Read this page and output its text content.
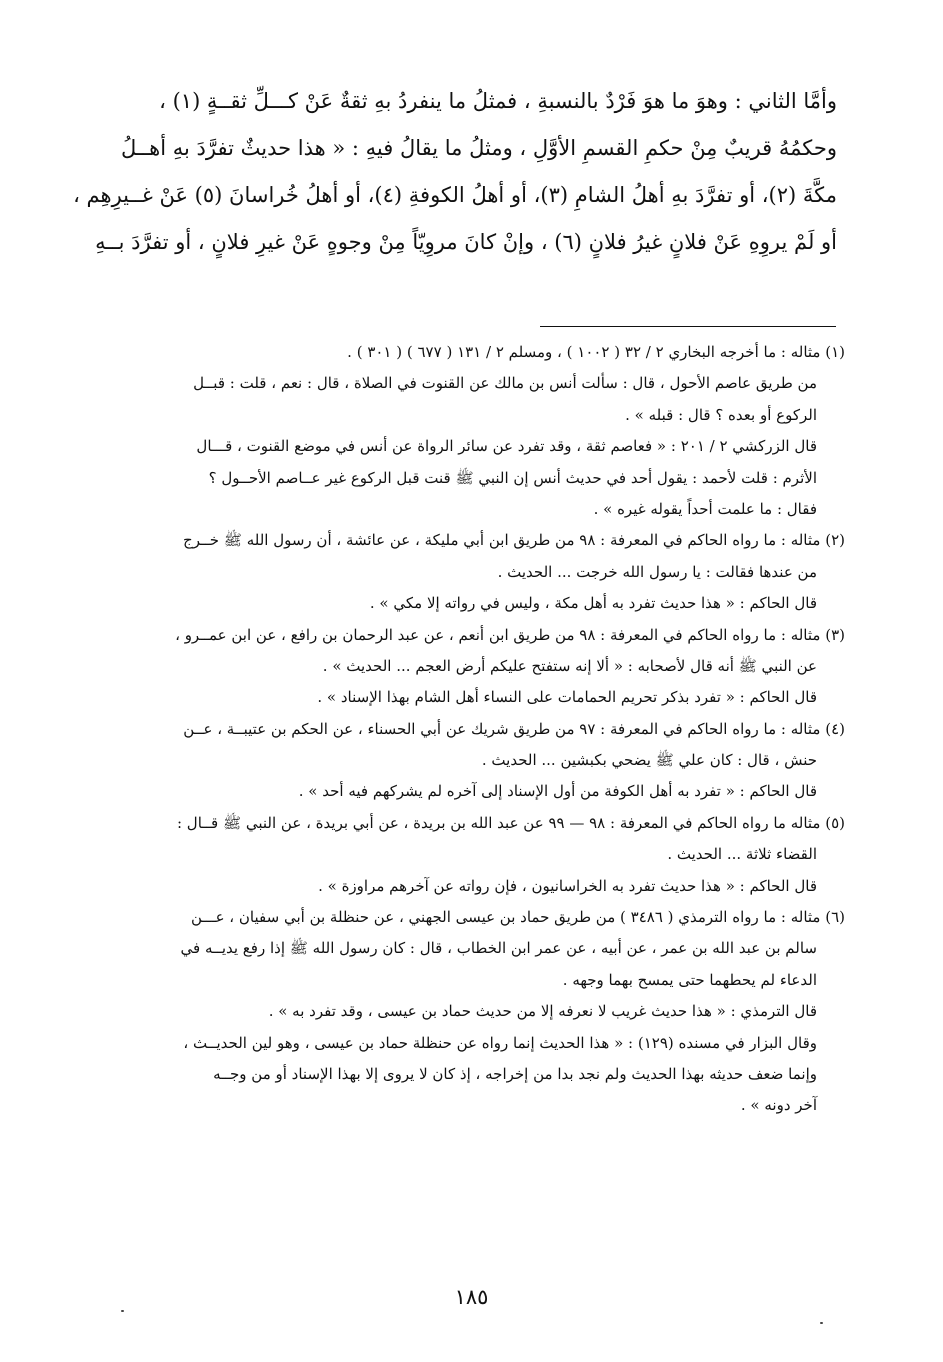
وأمَّا الثاني : وهوَ ما هوَ فَرْدٌ بالنسبةِ ، فمثلُ ما ينفردُ بهِ ثقةٌ عَنْ كـــلِّ ثقــةٍ (١) ،
وحكمُهُ قريبٌ مِنْ حكمِ القسمِ الأوَّلِ ، ومثلُ ما يقالُ فيهِ : « هذا حديثٌ تفرَّدَ بهِ أهــلُ
مكَّةَ (٢)، أو تفرَّدَ بهِ أهلُ الشامِ (٣)، أو أهلُ الكوفةِ (٤)، أو أهلُ خُراسانَ (٥) عَنْ غــيرِهِم ،
أو لَمْ يروِهِ عَنْ فلانٍ غيرُ فلانٍ (٦) ، وإنْ كانَ مروِيّاً مِنْ وجوهٍ عَنْ غيرِ فلانٍ ، أو تفرَّدَ بــهِ
(١) مثاله : ما أخرجه البخاري ٢ / ٣٢ ( ١٠٠٢ ) ، ومسلم ٢ / ١٣١ ( ٦٧٧ ) ( ٣٠١ ) .
من طريق عاصم الأحول ، قال : سألت أنس بن مالك عن القنوت في الصلاة ، قال : نعم ، قلت : قبــل
الركوع أو بعده ؟ قال : قبله » .
قال الزركشي ٢ / ٢٠١ : « فعاصم ثقة ، وقد تفرد عن سائر الرواة عن أنس في موضع القنوت ، قـــال
الأثرم : قلت لأحمد : يقول أحد في حديث أنس إن النبي ﷺ قنت قبل الركوع غير عــاصم الأحــول ؟
فقال : ما علمت أحداً يقوله غيره » .
(٢) مثاله : ما رواه الحاكم في المعرفة : ٩٨ من طريق ابن أبي مليكة ، عن عائشة ، أن رسول الله ﷺ خــرج
من عندها فقالت : يا رسول الله خرجت ... الحديث .
قال الحاكم : « هذا حديث تفرد به أهل مكة ، وليس في رواته إلا مكي » .
(٣) مثاله : ما رواه الحاكم في المعرفة : ٩٨ من طريق ابن أنعم ، عن عبد الرحمان بن رافع ، عن ابن عمــرو ،
عن النبي ﷺ أنه قال لأصحابه : « ألا إنه ستفتح عليكم أرض العجم ... الحديث » .
قال الحاكم : « تفرد بذكر تحريم الحمامات على النساء أهل الشام بهذا الإسناد » .
(٤) مثاله : ما رواه الحاكم في المعرفة : ٩٧ من طريق شريك عن أبي الحسناء ، عن الحكم بن عتيبــة ، عــن
حنش ، قال : كان علي ﷺ يضحي بكبشين ... الحديث .
قال الحاكم : « تفرد به أهل الكوفة من أول الإسناد إلى آخره لم يشركهم فيه أحد » .
(٥) مثاله ما رواه الحاكم في المعرفة : ٩٨ — ٩٩ عن عبد الله بن بريدة ، عن أبي بريدة ، عن النبي ﷺ قــال :
القضاء ثلاثة ... الحديث .
قال الحاكم : « هذا حديث تفرد به الخراسانيون ، فإن رواته عن آخرهم مراوزة » .
(٦) مثاله : ما رواه الترمذي ( ٣٤٨٦ ) من طريق حماد بن عيسى الجهني ، عن حنظلة بن أبي سفيان ، عـــن
سالم بن عبد الله بن عمر ، عن أبيه ، عن عمر ابن الخطاب ، قال : كان رسول الله ﷺ إذا رفع يديــه في
الدعاء لم يحطهما حتى يمسح بهما وجهه .
قال الترمذي : « هذا حديث غريب لا نعرفه إلا من حديث حماد بن عيسى ، وقد تفرد به » .
وقال البزار في مسنده (١٢٩) : « هذا الحديث إنما رواه عن حنظلة حماد بن عيسى ، وهو لين الحديــث ،
وإنما ضعف حديثه بهذا الحديث ولم نجد بدا من إخراجه ، إذ كان لا يروى إلا بهذا الإسناد أو من وجــه
آخر دونه » .
١٨٥
